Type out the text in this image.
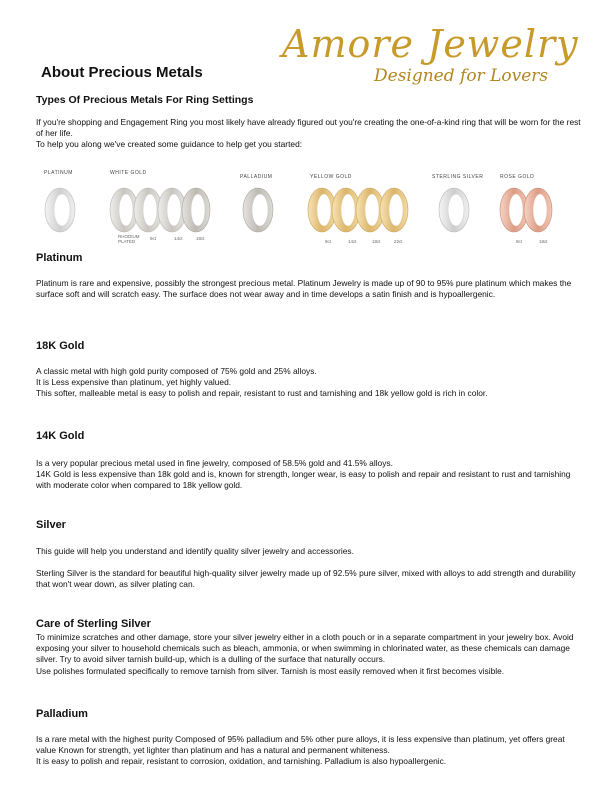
Amore Jewelry
Designed for Lovers
About Precious Metals
Types Of Precious Metals For Ring Settings

If you're shopping and Engagement Ring you most likely have already figured out you're creating the one-of-a-kind ring that will be worn for the rest of her life.

To help you along we've created some guidance to help get you started:

PLATINUM	WHITE GOLD
PALLADIUM	YELLOW GOLD	STERLING SILVER	ROSE GOLD
RHODIUM PLATED
9ct	14ct	18ct
9ct	14ct	18ct	22ct	9ct	18ct
Platinum

Platinum is rare and expensive, possibly the strongest precious metal. Platinum Jewelry is made up of 90 to 95% pure platinum which makes the surface soft and will scratch easy. The surface does not wear away and in time develops a satin finish and is hypoallergenic.

18K Gold

A classic metal with high gold purity composed of 75% gold and 25% alloys.

It is Less expensive than platinum, yet highly valued.

This softer, malleable metal is easy to polish and repair, resistant to rust and tarnishing and 18k yellow gold is rich in color.

14K Gold

Is a very popular precious metal used in fine jewelry, composed of 58.5% gold and 41.5% alloys.

14K Gold is less expensive than 18k gold and is, known for strength, longer wear, is easy to polish and repair and resistant to rust and tarnishing with moderate color when compared to 18k yellow gold.

Silver

This guide will help you understand and identify quality silver jewelry and accessories.

Sterling Silver is the standard for beautiful high-quality silver jewelry made up of 92.5% pure silver, mixed with alloys to add strength and durability that won't wear down, as silver plating can.

Care of Sterling Silver

To minimize scratches and other damage, store your silver jewelry either in a cloth pouch or in a separate compartment in your jewelry box. Avoid exposing your silver to household chemicals such as bleach, ammonia, or when swimming in chlorinated water, as these chemicals can damage silver. Try to avoid silver tarnish build-up, which is a dulling of the surface that naturally occurs.

Use polishes formulated specifically to remove tarnish from silver. Tarnish is most easily removed when it first becomes visible.

Palladium

Is a rare metal with the highest purity Composed of 95% palladium and 5% other pure alloys, it is less expensive than platinum, yet offers great value Known for strength, yet lighter than platinum and has a natural and permanent whiteness.

It is easy to polish and repair, resistant to corrosion, oxidation, and tarnishing. Palladium is also hypoallergenic.
